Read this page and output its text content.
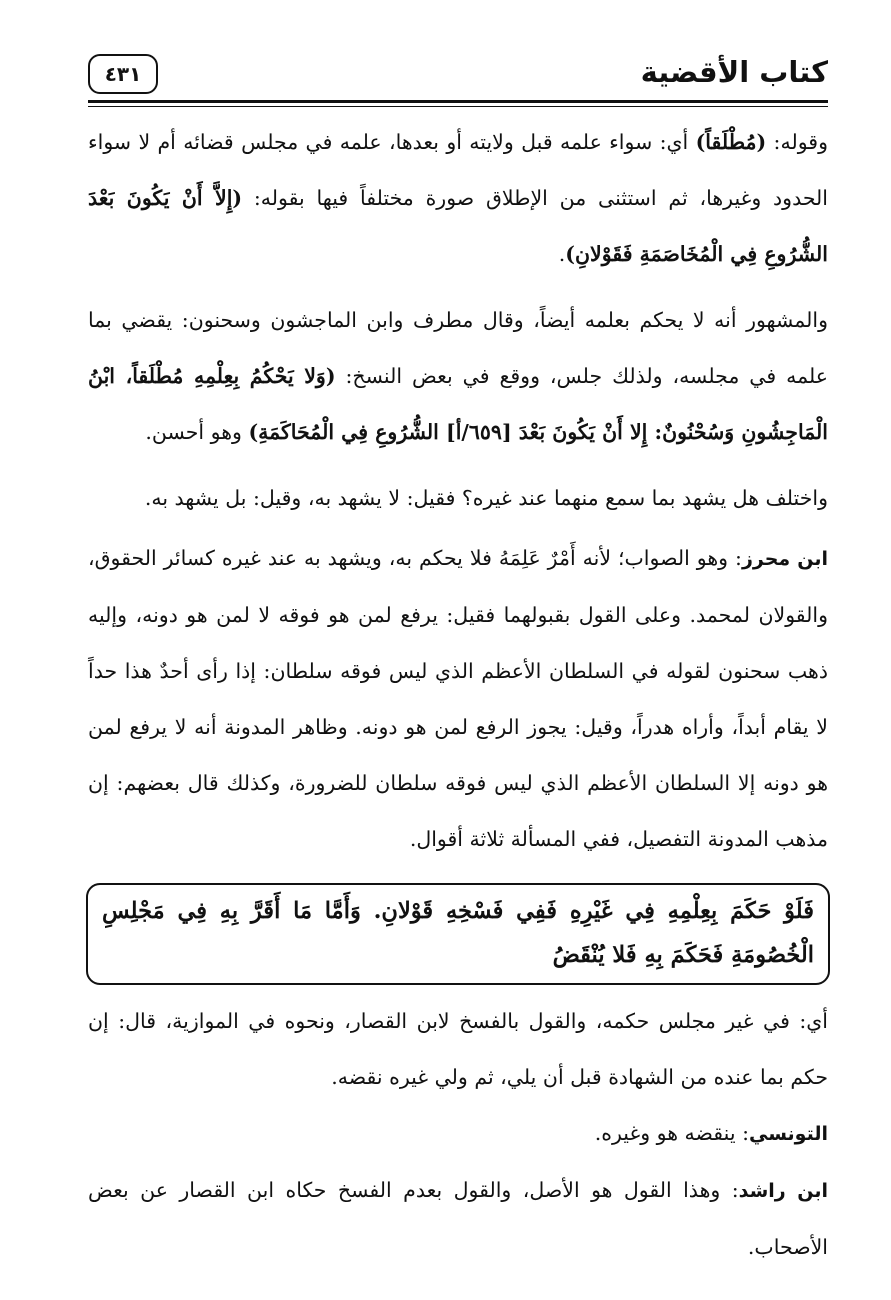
كتاب الأقضية
٤٣١

وقوله: (مُطْلَقاً) أي: سواء علمه قبل ولايته أو بعدها، علمه في مجلس قضائه أم لا سواء الحدود وغيرها، ثم استثنى من الإطلاق صورة مختلفاً فيها بقوله: (إِلاَّ أَنْ يَكُونَ بَعْدَ الشُّرُوعِ فِي الْمُخَاصَمَةِ فَقَوْلانِ).

والمشهور أنه لا يحكم بعلمه أيضاً، وقال مطرف وابن الماجشون وسحنون: يقضي بما علمه في مجلسه، ولذلك جلس، ووقع في بعض النسخ: (وَلا يَحْكُمُ بِعِلْمِهِ مُطْلَقاً، ابْنُ الْمَاجِشُونِ وَسُحْنُونٌ: إِلا أَنْ يَكُونَ بَعْدَ [٦٥٩/أ] الشُّرُوعِ فِي الْمُحَاكَمَةِ) وهو أحسن.

واختلف هل يشهد بما سمع منهما عند غيره؟ فقيل: لا يشهد به، وقيل: بل يشهد به.

ابن محرز: وهو الصواب؛ لأنه أَمْرٌ عَلِمَهُ فلا يحكم به، ويشهد به عند غيره كسائر الحقوق، والقولان لمحمد. وعلى القول بقبولهما فقيل: يرفع لمن هو فوقه لا لمن هو دونه، وإليه ذهب سحنون لقوله في السلطان الأعظم الذي ليس فوقه سلطان: إذا رأى أحدٌ هذا حداً لا يقام أبداً، وأراه هدراً، وقيل: يجوز الرفع لمن هو دونه. وظاهر المدونة أنه لا يرفع لمن هو دونه إلا السلطان الأعظم الذي ليس فوقه سلطان للضرورة، وكذلك قال بعضهم: إن مذهب المدونة التفصيل، ففي المسألة ثلاثة أقوال.

فَلَوْ حَكَمَ بِعِلْمِهِ فِي غَيْرِهِ فَفِي فَسْخِهِ قَوْلانِ. وَأَمَّا مَا أَقَرَّ بِهِ فِي مَجْلِسِ الْخُصُومَةِ فَحَكَمَ بِهِ فَلا يُنْقَضُ

أي: في غير مجلس حكمه، والقول بالفسخ لابن القصار، ونحوه في الموازية، قال: إن حكم بما عنده من الشهادة قبل أن يلي، ثم ولي غيره نقضه.

التونسي: ينقضه هو وغيره.

ابن راشد: وهذا القول هو الأصل، والقول بعدم الفسخ حكاه ابن القصار عن بعض الأصحاب.
